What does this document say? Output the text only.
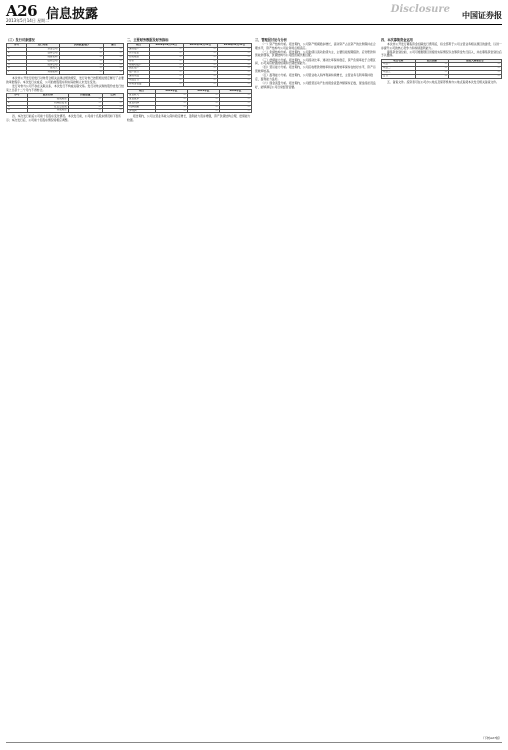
A26 信息披露
2013年5月14日 星期二
Disclosure 中国证券报
（三）发行对象情况
序号	发行对象	认购数量(股)	备注
1	基金公司	—	—
2	证券公司	—	—
3	保险机构	—	—
4	信托公司	—	—
5	财务公司	—	—
6	自然人	—	—
7	其他机构	—	—

本次非公开发行的发行对象符合相关法律法规的规定，发行对象已按照相关规定履行了必要的审批程序。本次发行完成后，公司的控股股东和实际控制人未发生变化。

发行对象与公司不存在关联关系，本次发行不构成关联交易。发行对象认购的股份自发行结束之日起十二个月内不得转让。

序号	股东名称	持股数量	比例
1	控股股东	—	—
2	机构投资者	—	—
3	社会公众股	—	—
4	其他股东	—	—

四、本次发行前后公司前十名股东变化情况。本次发行前，公司前十名股东情况如下表所示；本次发行后，公司前十名股东情况将相应调整。

二、主要财务数据及财务指标
项目	2012年12月31日	2011年12月31日	2010年12月31日
流动资产	—	—	—
货币资金	—	—	—
应收账款	—	—	—
存货	—	—	—
非流动资产	—	—	—
固定资产	—	—	—
资产总计	—	—	—
流动负债	—	—	—
负债合计	—	—	—
所有者权益	—	—	—
项目	2012年度	2011年度	2010年度
营业收入	—	—	—
营业成本	—	—	—
营业利润	—	—	—
利润总额	—	—	—
净利润	—	—	—

报告期内，公司主营业务收入保持稳定增长，盈利能力逐步增强，资产负债结构合理，偿债能力较强。

三、管理层讨论与分析

（一）资产结构分析。报告期内，公司资产规模稳步增长，流动资产占总资产的比例保持在合理水平，资产结构与公司业务特点相适应。

（二）负债结构分析。报告期内，公司负债以流动负债为主，主要包括短期借款、应付账款和预收款项等，负债结构与公司经营模式相匹配。

（三）偿债能力分析。报告期内，公司流动比率、速动比率保持稳定，资产负债率处于合理区间，公司具有较强的短期和长期偿债能力。

（四）营运能力分析。报告期内，公司应收账款周转率和存货周转率保持在较好水平，资产运营效率较高。

（五）盈利能力分析。报告期内，公司营业收入和净利润持续增长，主营业务毛利率保持稳定，盈利能力良好。

（六）现金流量分析。报告期内，公司经营活动产生的现金流量净额保持正数，现金流状况良好，能够满足公司日常经营需要。

四、本次募集资金运用

本次非公开发行募集资金扣除发行费用后，将全部用于公司主营业务相关项目的建设，以进一步提升公司的核心竞争力和持续盈利能力。

募集资金到位前，公司可根据项目进度的实际情况以自筹资金先行投入，并在募集资金到位后予以置换。

项目名称	投资总额	拟投入募集资金
项目一	—	—
项目二	—	—
项目三	—	—
合计	—	—

五、备查文件。投资者可在公司办公地点及保荐机构办公地点查阅本次发行相关备查文件。

（下转A27版）
